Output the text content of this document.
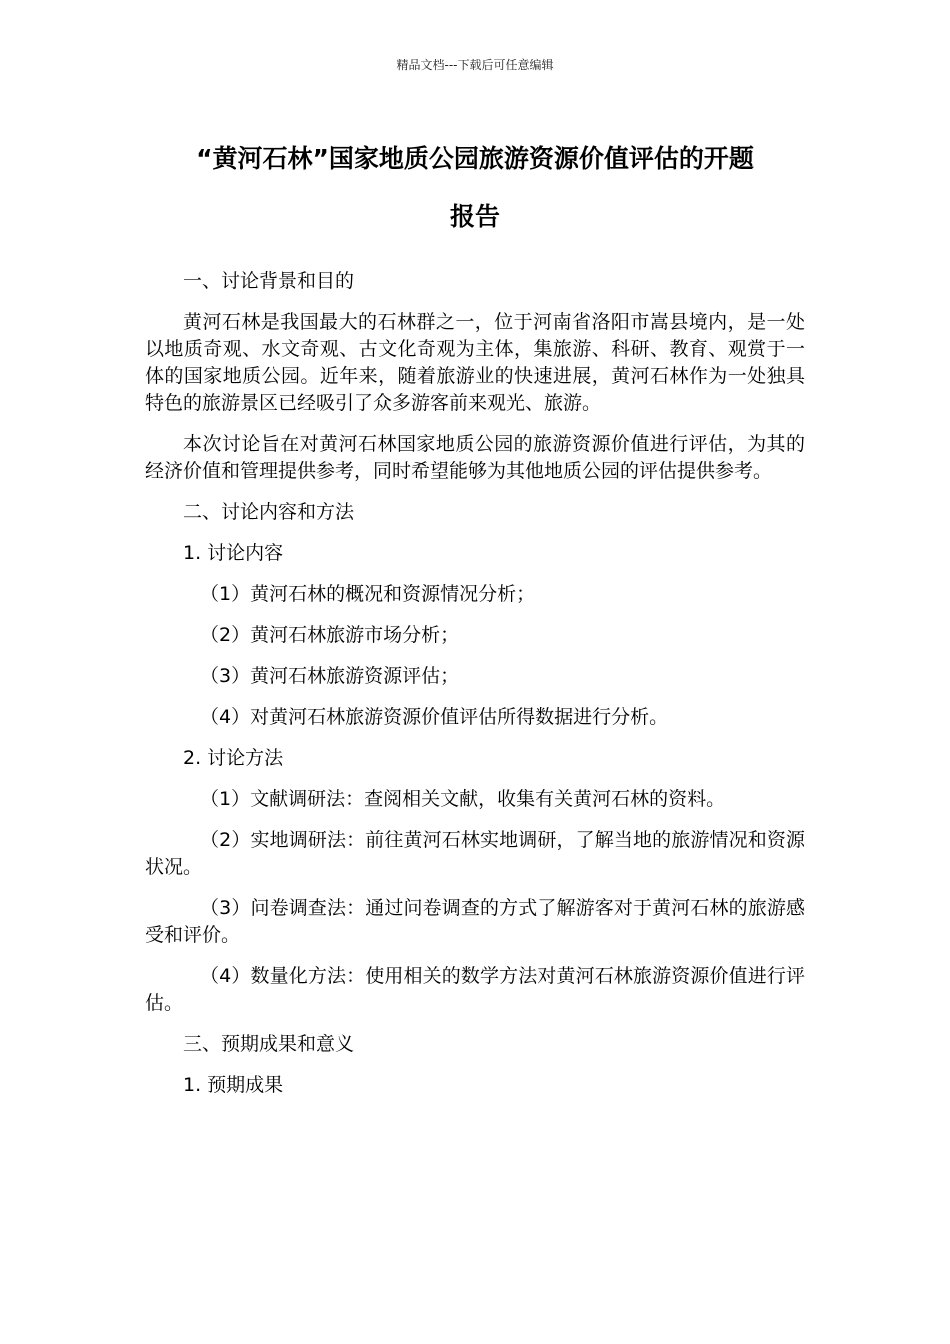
精品文档---下载后可任意编辑
“黄河石林”国家地质公园旅游资源价值评估的开题
报告

一、讨论背景和目的

黄河石林是我国最大的石林群之一，位于河南省洛阳市嵩县境内，是一处以地质奇观、水文奇观、古文化奇观为主体，集旅游、科研、教育、观赏于一体的国家地质公园。近年来，随着旅游业的快速进展，黄河石林作为一处独具特色的旅游景区已经吸引了众多游客前来观光、旅游。

本次讨论旨在对黄河石林国家地质公园的旅游资源价值进行评估，为其的经济价值和管理提供参考，同时希望能够为其他地质公园的评估提供参考。

二、讨论内容和方法

1. 讨论内容

（1）黄河石林的概况和资源情况分析；

（2）黄河石林旅游市场分析；

（3）黄河石林旅游资源评估；

（4）对黄河石林旅游资源价值评估所得数据进行分析。

2. 讨论方法

（1）文献调研法：查阅相关文献，收集有关黄河石林的资料。

（2）实地调研法：前往黄河石林实地调研，了解当地的旅游情况和资源状况。

（3）问卷调查法：通过问卷调查的方式了解游客对于黄河石林的旅游感受和评价。

（4）数量化方法：使用相关的数学方法对黄河石林旅游资源价值进行评估。

三、预期成果和意义

1. 预期成果
